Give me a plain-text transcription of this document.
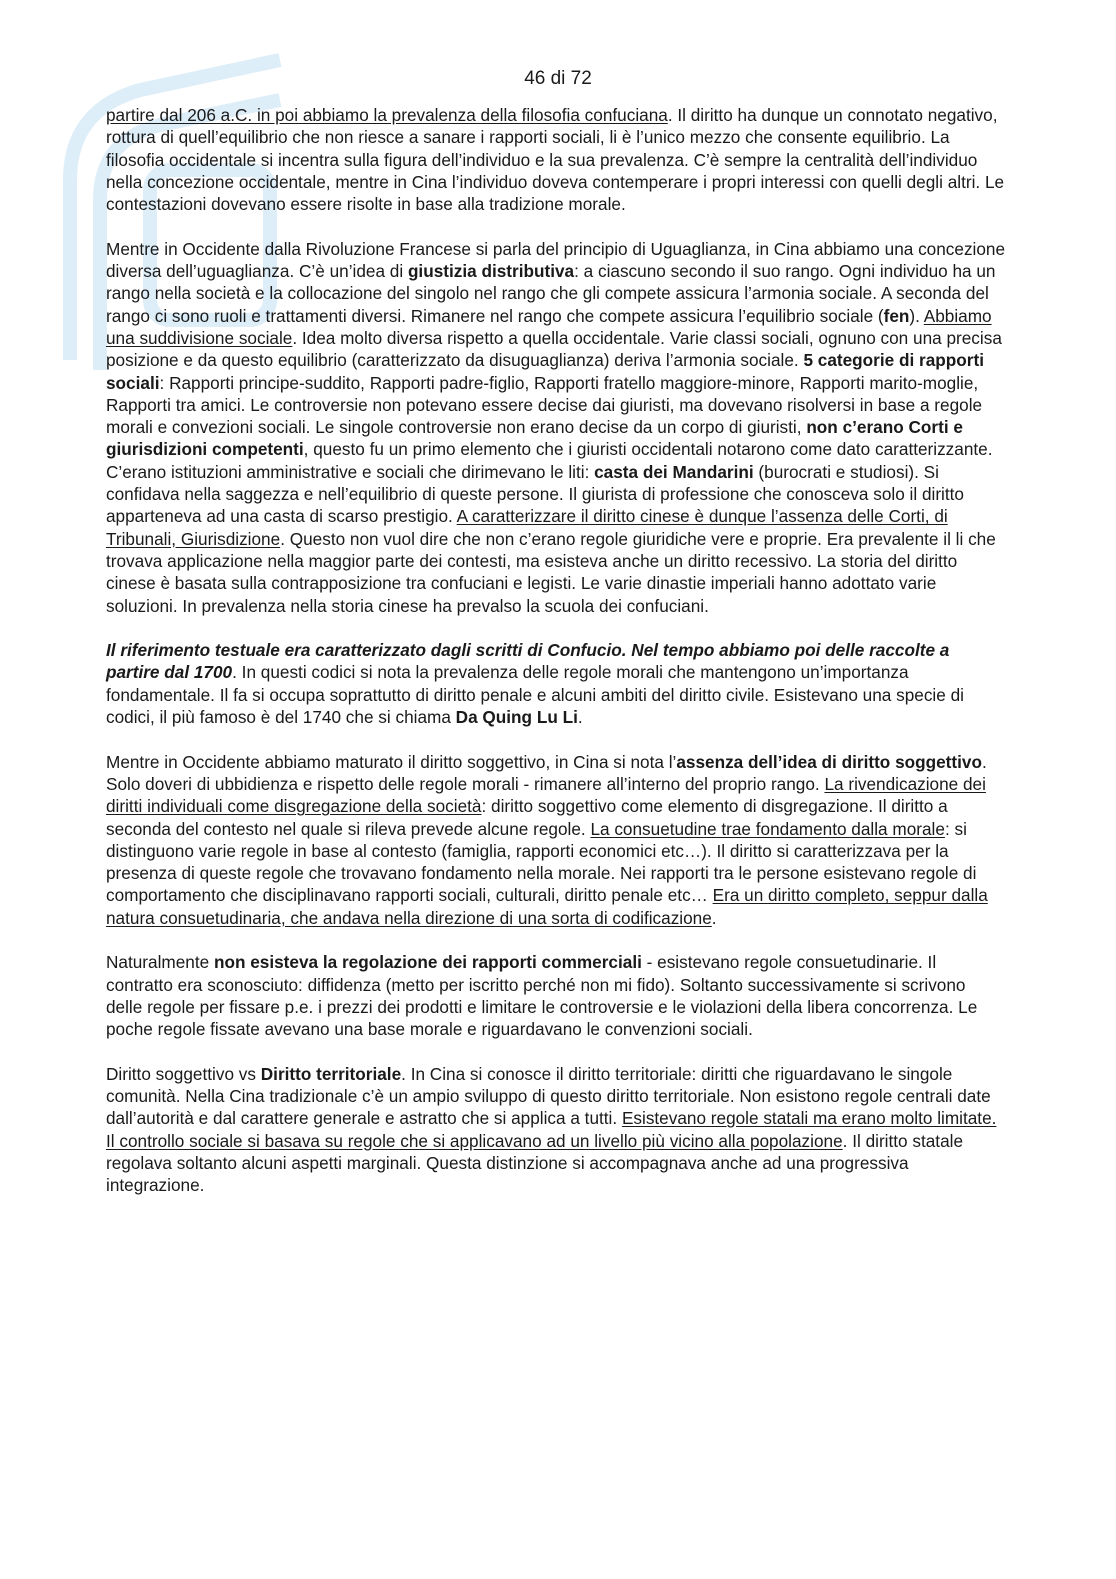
46 di 72

partire dal 206 a.C. in poi abbiamo la prevalenza della filosofia confuciana. Il diritto ha dunque un connotato negativo, rottura di quell’equilibrio che non riesce a sanare i rapporti sociali, li è l’unico mezzo che consente equilibrio. La filosofia occidentale si incentra sulla figura dell’individuo e la sua prevalenza. C’è sempre la centralità dell’individuo nella concezione occidentale, mentre in Cina l’individuo doveva contemperare i propri interessi con quelli degli altri. Le contestazioni dovevano essere risolte in base alla tradizione morale.

Mentre in Occidente dalla Rivoluzione Francese si parla del principio di Uguaglianza, in Cina abbiamo una concezione diversa dell’uguaglianza. C’è un’idea di giustizia distributiva: a ciascuno secondo il suo rango. Ogni individuo ha un rango nella società e la collocazione del singolo nel rango che gli compete assicura l’armonia sociale. A seconda del rango ci sono ruoli e trattamenti diversi. Rimanere nel rango che compete assicura l’equilibrio sociale (fen). Abbiamo una suddivisione sociale. Idea molto diversa rispetto a quella occidentale. Varie classi sociali, ognuno con una precisa posizione e da questo equilibrio (caratterizzato da disuguaglianza) deriva l’armonia sociale. 5 categorie di rapporti sociali: Rapporti principe-suddito, Rapporti padre-figlio, Rapporti fratello maggiore-minore, Rapporti marito-moglie, Rapporti tra amici. Le controversie non potevano essere decise dai giuristi, ma dovevano risolversi in base a regole morali e convezioni sociali. Le singole controversie non erano decise da un corpo di giuristi, non c’erano Corti e giurisdizioni competenti, questo fu un primo elemento che i giuristi occidentali notarono come dato caratterizzante. C’erano istituzioni amministrative e sociali che dirimevano le liti: casta dei Mandarini (burocrati e studiosi). Si confidava nella saggezza e nell’equilibrio di queste persone. Il giurista di professione che conosceva solo il diritto apparteneva ad una casta di scarso prestigio. A caratterizzare il diritto cinese è dunque l’assenza delle Corti, di Tribunali, Giurisdizione. Questo non vuol dire che non c’erano regole giuridiche vere e proprie. Era prevalente il li che trovava applicazione nella maggior parte dei contesti, ma esisteva anche un diritto recessivo. La storia del diritto cinese è basata sulla contrapposizione tra confuciani e legisti. Le varie dinastie imperiali hanno adottato varie soluzioni. In prevalenza nella storia cinese ha prevalso la scuola dei confuciani.

Il riferimento testuale era caratterizzato dagli scritti di Confucio. Nel tempo abbiamo poi delle raccolte a partire dal 1700. In questi codici si nota la prevalenza delle regole morali che mantengono un’importanza fondamentale. Il fa si occupa soprattutto di diritto penale e alcuni ambiti del diritto civile. Esistevano una specie di codici, il più famoso è del 1740 che si chiama Da Quing Lu Li.

Mentre in Occidente abbiamo maturato il diritto soggettivo, in Cina si nota l’assenza dell’idea di diritto soggettivo. Solo doveri di ubbidienza e rispetto delle regole morali - rimanere all’interno del proprio rango. La rivendicazione dei diritti individuali come disgregazione della società: diritto soggettivo come elemento di disgregazione. Il diritto a seconda del contesto nel quale si rileva prevede alcune regole. La consuetudine trae fondamento dalla morale: si distinguono varie regole in base al contesto (famiglia, rapporti economici etc…). Il diritto si caratterizzava per la presenza di queste regole che trovavano fondamento nella morale. Nei rapporti tra le persone esistevano regole di comportamento che disciplinavano rapporti sociali, culturali, diritto penale etc… Era un diritto completo, seppur dalla natura consuetudinaria, che andava nella direzione di una sorta di codificazione.

Naturalmente non esisteva la regolazione dei rapporti commerciali - esistevano regole consuetudinarie. Il contratto era sconosciuto: diffidenza (metto per iscritto perché non mi fido). Soltanto successivamente si scrivono delle regole per fissare p.e. i prezzi dei prodotti e limitare le controversie e le violazioni della libera concorrenza. Le poche regole fissate avevano una base morale e riguardavano le convenzioni sociali.

Diritto soggettivo vs Diritto territoriale. In Cina si conosce il diritto territoriale: diritti che riguardavano le singole comunità. Nella Cina tradizionale c’è un ampio sviluppo di questo diritto territoriale. Non esistono regole centrali date dall’autorità e dal carattere generale e astratto che si applica a tutti. Esistevano regole statali ma erano molto limitate. Il controllo sociale si basava su regole che si applicavano ad un livello più vicino alla popolazione. Il diritto statale regolava soltanto alcuni aspetti marginali. Questa distinzione si accompagnava anche ad una progressiva integrazione.
